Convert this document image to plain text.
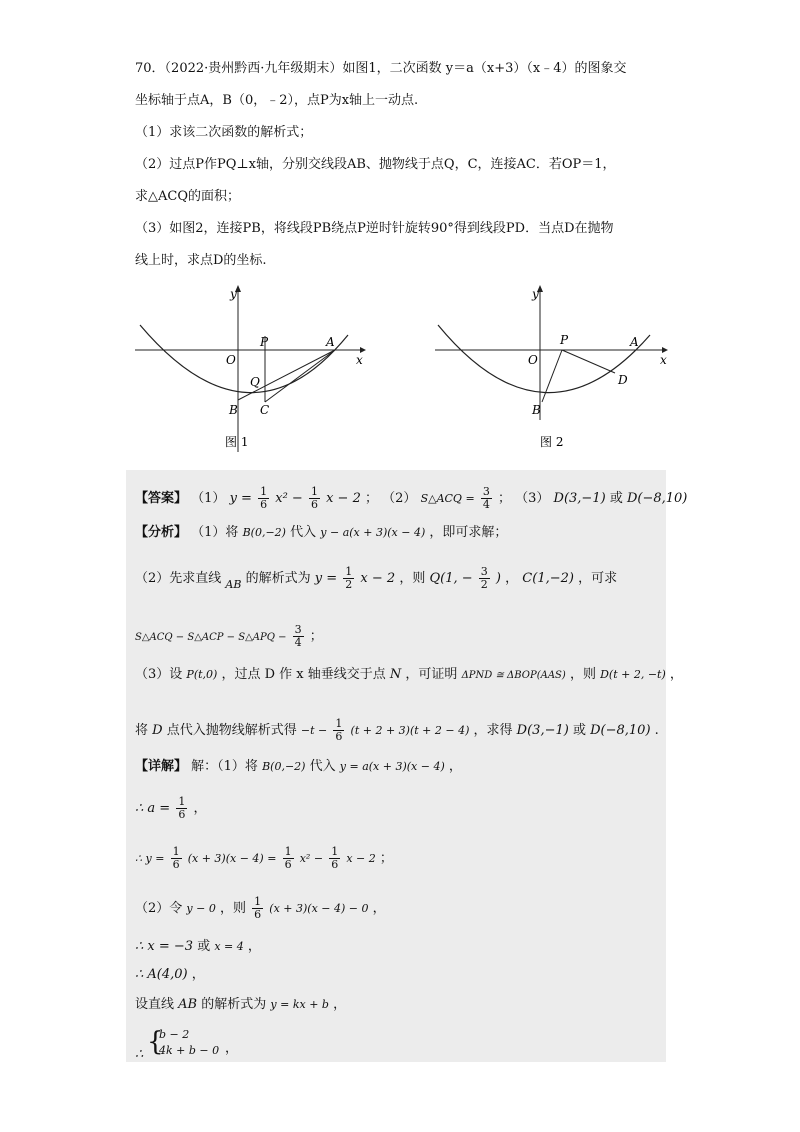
70．（2022·贵州黔西·九年级期末）如图1，二次函数 y＝a（x+3）（x﹣4）的图象交
坐标轴于点A，B（0，﹣2），点P为x轴上一动点.
（1）求该二次函数的解析式；
（2）过点P作PQ⊥x轴，分别交线段AB、抛物线于点Q，C，连接AC．若OP＝1，
求△ACQ的面积；
（3）如图2，连接PB，将线段PB绕点P逆时针旋转90°得到线段PD．当点D在抛物
线上时，求点D的坐标.
y
x
O
P	A
Q
B C
图 1
y
x
O
P	A
D
B
图 2
【答案】 （1） $y = \frac{1}{6} x^2 - \frac{1}{6}$ x − 2 ； （2） S△ACQ = $\frac{3}{4}$ ； （3） D(3,−1) 或 D(−8,10)
【分析】 （1）将 B(0,−2) 代入 y − a(x + 3)(x − 4) ，即可求解；
（2）先求直线 $_{AB}$ 的解析式为 $y = \frac{1}{2}$ x − 2 ，则 Q(1, − $\frac{3}{2}$ ) ， C(1,−2) ，可求
S△ACQ − S△ACP − S△APQ − $\frac{3}{4}$ ；
（3）设 P(t,0) ，过点 D 作 x 轴垂线交于点 N ，可证明 ΔPND ≅ ΔBOP(AAS) ，则 D(t + 2, −t) ，
将 D 点代入抛物线解析式得 $-t - \frac{1}{6} (t + 2 + 3)(t + 2 - 4)$ ，求得 D(3,−1) 或 D(−8,10) .
【详解】 解：（1）将 B(0,−2) 代入 y = a(x + 3)(x − 4) ，
∴ $a = \frac{1}{6}$ ，
∴ $y = \frac{1}{6} (x + 3)(x - 4) = \frac{1}{6} x^2 - \frac{1}{6}$ x − 2 ；
（2）令 y − 0 ，则 $\frac{1}{6} (x + 3)(x - 4) - 0$ ，
∴ x = −3 或 x = 4 ，
∴ A(4,0) ，
设直线 AB 的解析式为 y = kx + b ，
∴ {
b − 2
4k + b − 0 ，
